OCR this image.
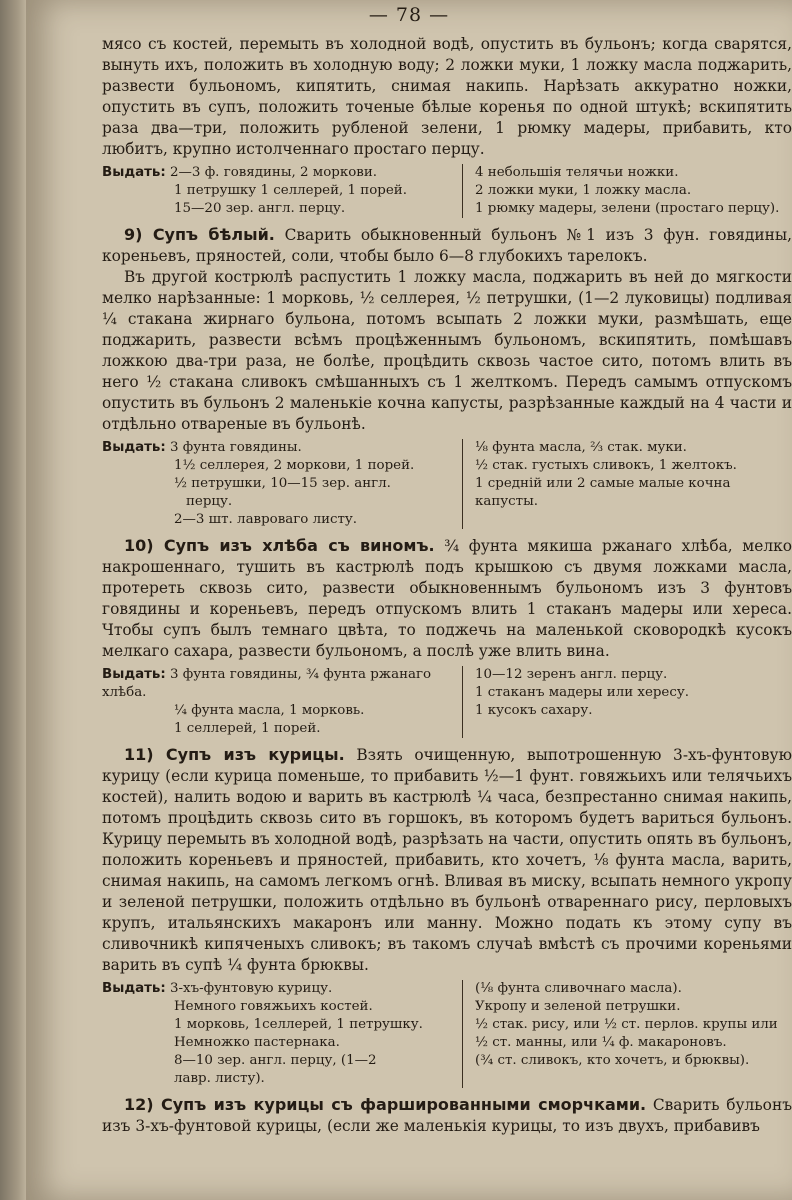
— 78 —

мясо съ костей, перемыть въ холодной водѣ, опустить въ бульонъ; когда сварятся, вынуть ихъ, положить въ холодную воду; 2 ложки муки, 1 ложку масла поджарить, развести бульономъ, кипятить, снимая накипь. Нарѣзать аккуратно ножки, опустить въ супъ, положить точеные бѣлые коренья по одной штукѣ; вскипятить раза два—три, положить рубленой зелени, 1 рюмку мадеры, прибавить, кто любитъ, крупно истолченнаго простаго перцу.

Выдать: 2—3 ф. говядины, 2 моркови.
1 петрушку 1 селлерей, 1 порей.
15—20 зер. англ. перцу.
4 небольшія телячьи ножки.
2 ложки муки, 1 ложку масла.
1 рюмку мадеры, зелени (простаго перцу).

9) Супъ бѣлый. Сварить обыкновенный бульонъ №1 изъ 3 фун. говядины, кореньевъ, пряностей, соли, чтобы было 6—8 глубокихъ тарелокъ.

Въ другой кострюлѣ распустить 1 ложку масла, поджарить въ ней до мягкости мелко нарѣзанные: 1 морковь, ½ селлерея, ½ петрушки, (1—2 луковицы) подливая ¼ стакана жирнаго бульона, потомъ всыпать 2 ложки муки, размѣшать, еще поджарить, развести всѣмъ процѣженнымъ бульономъ, вскипятить, помѣшавъ ложкою два-три раза, не болѣе, процѣдить сквозь частое сито, потомъ влить въ него ½ стакана сливокъ смѣшанныхъ съ 1 желткомъ. Передъ самымъ отпускомъ опустить въ бульонъ 2 маленькіе кочна капусты, разрѣзанные каждый на 4 части и отдѣльно отвареные въ бульонѣ.

Выдать: 3 фунта говядины.
1½ селлерея, 2 моркови, 1 порей.
½ петрушки, 10—15 зер. англ.
перцу.
2—3 шт. лавроваго листу.
⅛ фунта масла, ⅔ стак. муки.
½ стак. густыхъ сливокъ, 1 желтокъ.
1 средній или 2 самые малые кочна капусты.

10) Супъ изъ хлѣба съ виномъ. ¾ фунта мякиша ржанаго хлѣба, мелко накрошеннаго, тушить въ кастрюлѣ подъ крышкою съ двумя ложками масла, протереть сквозь сито, развести обыкновеннымъ бульономъ изъ 3 фунтовъ говядины и кореньевъ, передъ отпускомъ влить 1 стаканъ мадеры или хереса. Чтобы супъ былъ темнаго цвѣта, то поджечь на маленькой сковородкѣ кусокъ мелкаго сахара, развести бульономъ, а послѣ уже влить вина.

Выдать: 3 фунта говядины, ¾ фунта ржанаго хлѣба.
¼ фунта масла, 1 морковь.
1 селлерей, 1 порей.
10—12 зеренъ англ. перцу.
1 стаканъ мадеры или хересу.
1 кусокъ сахару.

11) Супъ изъ курицы. Взять очищенную, выпотрошенную 3-хъ-фунтовую курицу (если курица поменьше, то прибавить ½—1 фунт. говяжьихъ или телячьихъ костей), налить водою и варить въ кастрюлѣ ¼ часа, безпрестанно снимая накипь, потомъ процѣдить сквозь сито въ горшокъ, въ которомъ будетъ вариться бульонъ. Курицу перемыть въ холодной водѣ, разрѣзать на части, опустить опять въ бульонъ, положить кореньевъ и пряностей, прибавить, кто хочетъ, ⅛ фунта масла, варить, снимая накипь, на самомъ легкомъ огнѣ. Вливая въ миску, всыпать немного укропу и зеленой петрушки, положить отдѣльно въ бульонѣ отвареннаго рису, перловыхъ крупъ, итальянскихъ макаронъ или манну. Можно подать къ этому супу въ сливочникѣ кипяченыхъ сливокъ; въ такомъ случаѣ вмѣстѣ съ прочими кореньями варить въ супѣ ¼ фунта брюквы.

Выдать: 3-хъ-фунтовую курицу.
Немного говяжьихъ костей.
1 морковь, 1селлерей, 1 петрушку.
Немножко пастернака.
8—10 зер. англ. перцу, (1—2
лавр. листу).
(⅛ фунта сливочнаго масла).
Укропу и зеленой петрушки.
½ стак. рису, или ½ ст. перлов. крупы или
½ ст. манны, или ¼ ф. макароновъ.
(¾ ст. сливокъ, кто хочетъ, и брюквы).

12) Супъ изъ курицы съ фаршированными сморчками. Сварить бульонъ изъ 3-хъ-фунтовой курицы, (если же маленькія курицы, то изъ двухъ, прибавивъ
